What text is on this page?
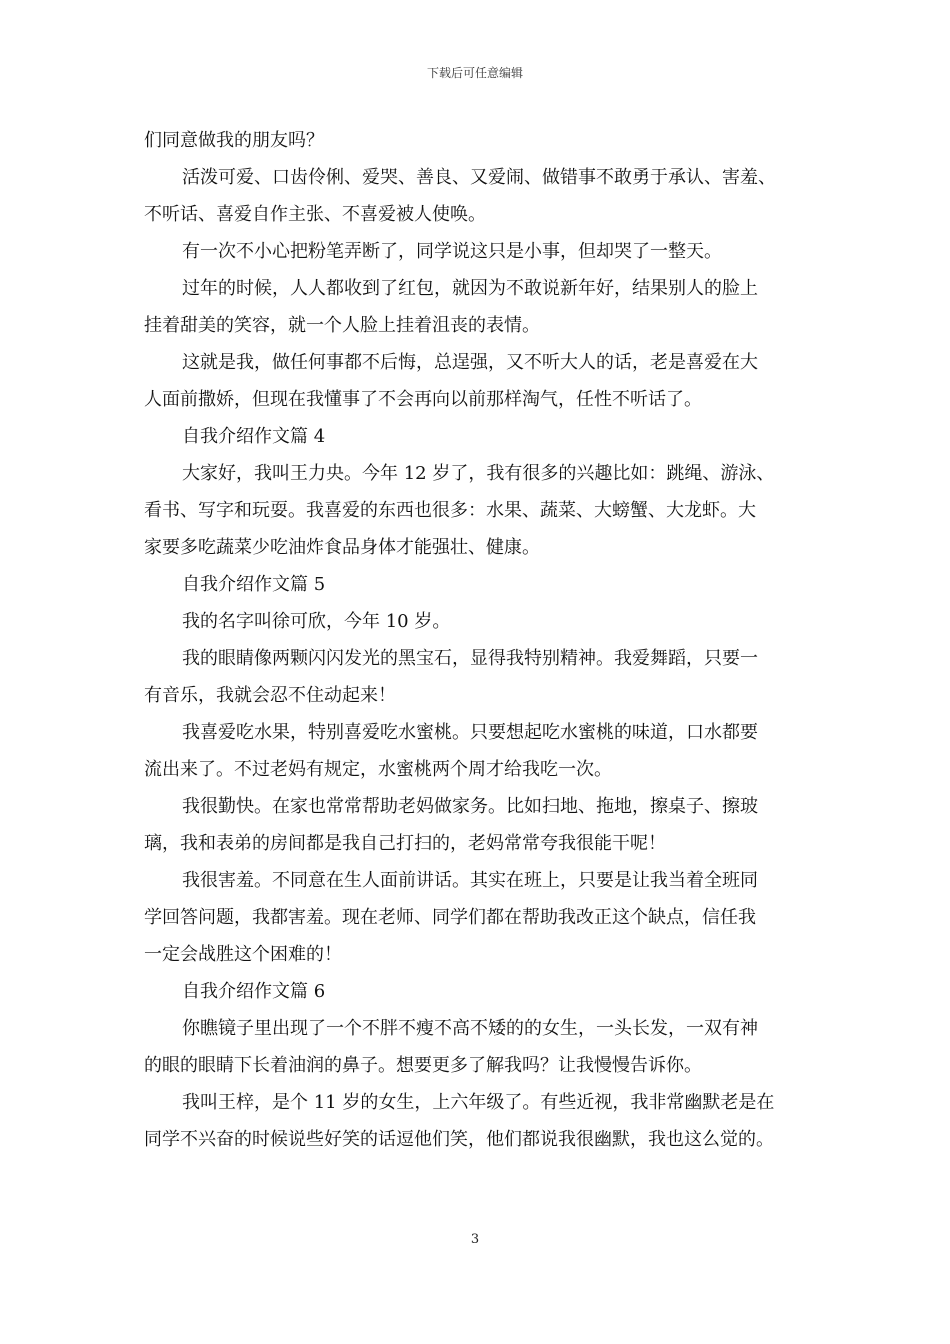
下载后可任意编辑
们同意做我的朋友吗？
活泼可爱、口齿伶俐、爱哭、善良、又爱闹、做错事不敢勇于承认、害羞、
不听话、喜爱自作主张、不喜爱被人使唤。
有一次不小心把粉笔弄断了，同学说这只是小事，但却哭了一整天。
过年的时候，人人都收到了红包，就因为不敢说新年好，结果别人的脸上
挂着甜美的笑容，就一个人脸上挂着沮丧的表情。
这就是我，做任何事都不后悔，总逞强，又不听大人的话，老是喜爱在大
人面前撒娇，但现在我懂事了不会再向以前那样淘气，任性不听话了。
自我介绍作文篇 4
大家好，我叫王力央。今年 12 岁了，我有很多的兴趣比如：跳绳、游泳、
看书、写字和玩耍。我喜爱的东西也很多：水果、蔬菜、大螃蟹、大龙虾。大
家要多吃蔬菜少吃油炸食品身体才能强壮、健康。
自我介绍作文篇 5
我的名字叫徐可欣，今年 10 岁。
我的眼睛像两颗闪闪发光的黑宝石，显得我特别精神。我爱舞蹈，只要一
有音乐，我就会忍不住动起来！
我喜爱吃水果，特别喜爱吃水蜜桃。只要想起吃水蜜桃的味道，口水都要
流出来了。不过老妈有规定，水蜜桃两个周才给我吃一次。
我很勤快。在家也常常帮助老妈做家务。比如扫地、拖地，擦桌子、擦玻
璃，我和表弟的房间都是我自己打扫的，老妈常常夸我很能干呢！
我很害羞。不同意在生人面前讲话。其实在班上，只要是让我当着全班同
学回答问题，我都害羞。现在老师、同学们都在帮助我改正这个缺点，信任我
一定会战胜这个困难的！
自我介绍作文篇 6
你瞧镜子里出现了一个不胖不瘦不高不矮的的女生，一头长发，一双有神
的眼的眼睛下长着油润的鼻子。想要更多了解我吗？让我慢慢告诉你。
我叫王梓，是个 11 岁的女生，上六年级了。有些近视，我非常幽默老是在
同学不兴奋的时候说些好笑的话逗他们笑，他们都说我很幽默，我也这么觉的。
3
